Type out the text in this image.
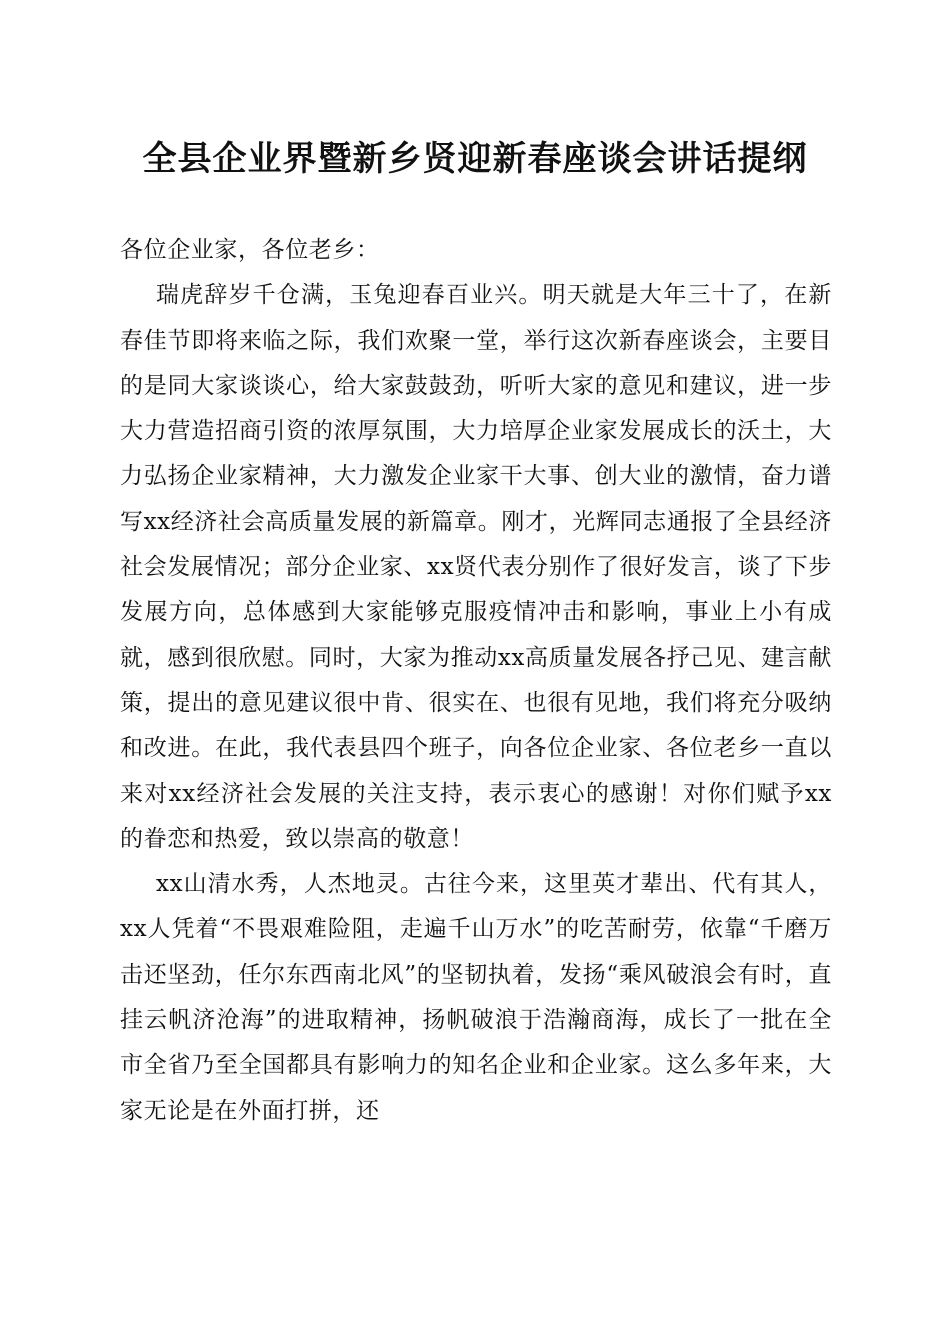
全县企业界暨新乡贤迎新春座谈会讲话提纲

各位企业家，各位老乡：

瑞虎辞岁千仓满，玉兔迎春百业兴。明天就是大年三十了，在新春佳节即将来临之际，我们欢聚一堂，举行这次新春座谈会，主要目的是同大家谈谈心，给大家鼓鼓劲，听听大家的意见和建议，进一步大力营造招商引资的浓厚氛围，大力培厚企业家发展成长的沃土，大力弘扬企业家精神，大力激发企业家干大事、创大业的激情，奋力谱写xx经济社会高质量发展的新篇章。刚才，光辉同志通报了全县经济社会发展情况；部分企业家、xx贤代表分别作了很好发言，谈了下步发展方向，总体感到大家能够克服疫情冲击和影响，事业上小有成就，感到很欣慰。同时，大家为推动xx高质量发展各抒己见、建言献策，提出的意见建议很中肯、很实在、也很有见地，我们将充分吸纳和改进。在此，我代表县四个班子，向各位企业家、各位老乡一直以来对xx经济社会发展的关注支持，表示衷心的感谢！对你们赋予xx的眷恋和热爱，致以崇高的敬意！

xx山清水秀，人杰地灵。古往今来，这里英才辈出、代有其人，xx人凭着“不畏艰难险阻，走遍千山万水”的吃苦耐劳，依靠“千磨万击还坚劲，任尔东西南北风”的坚韧执着，发扬“乘风破浪会有时，直挂云帆济沧海”的进取精神，扬帆破浪于浩瀚商海，成长了一批在全市全省乃至全国都具有影响力的知名企业和企业家。这么多年来，大家无论是在外面打拼，还
